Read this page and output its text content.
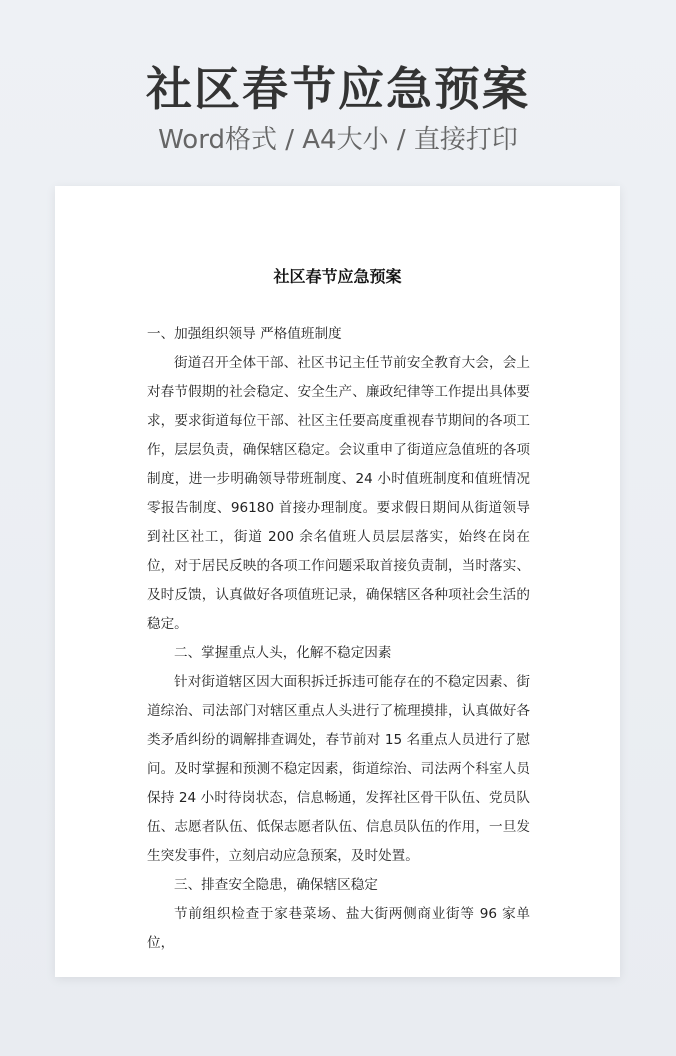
社区春节应急预案
Word格式 / A4大小 / 直接打印
社区春节应急预案

一、加强组织领导 严格值班制度

街道召开全体干部、社区书记主任节前安全教育大会，会上对春节假期的社会稳定、安全生产、廉政纪律等工作提出具体要求，要求街道每位干部、社区主任要高度重视春节期间的各项工作，层层负责，确保辖区稳定。会议重申了街道应急值班的各项制度，进一步明确领导带班制度、24 小时值班制度和值班情况零报告制度、96180 首接办理制度。要求假日期间从街道领导到社区社工，街道 200 余名值班人员层层落实，始终在岗在位，对于居民反映的各项工作问题采取首接负责制，当时落实、及时反馈，认真做好各项值班记录，确保辖区各种项社会生活的稳定。

二、掌握重点人头，化解不稳定因素

针对街道辖区因大面积拆迁拆违可能存在的不稳定因素、街道综治、司法部门对辖区重点人头进行了梳理摸排，认真做好各类矛盾纠纷的调解排查调处，春节前对 15 名重点人员进行了慰问。及时掌握和预测不稳定因素，街道综治、司法两个科室人员保持 24 小时待岗状态，信息畅通，发挥社区骨干队伍、党员队伍、志愿者队伍、低保志愿者队伍、信息员队伍的作用，一旦发生突发事件，立刻启动应急预案，及时处置。

三、排查安全隐患，确保辖区稳定

节前组织检查于家巷菜场、盐大街两侧商业街等 96 家单位，
